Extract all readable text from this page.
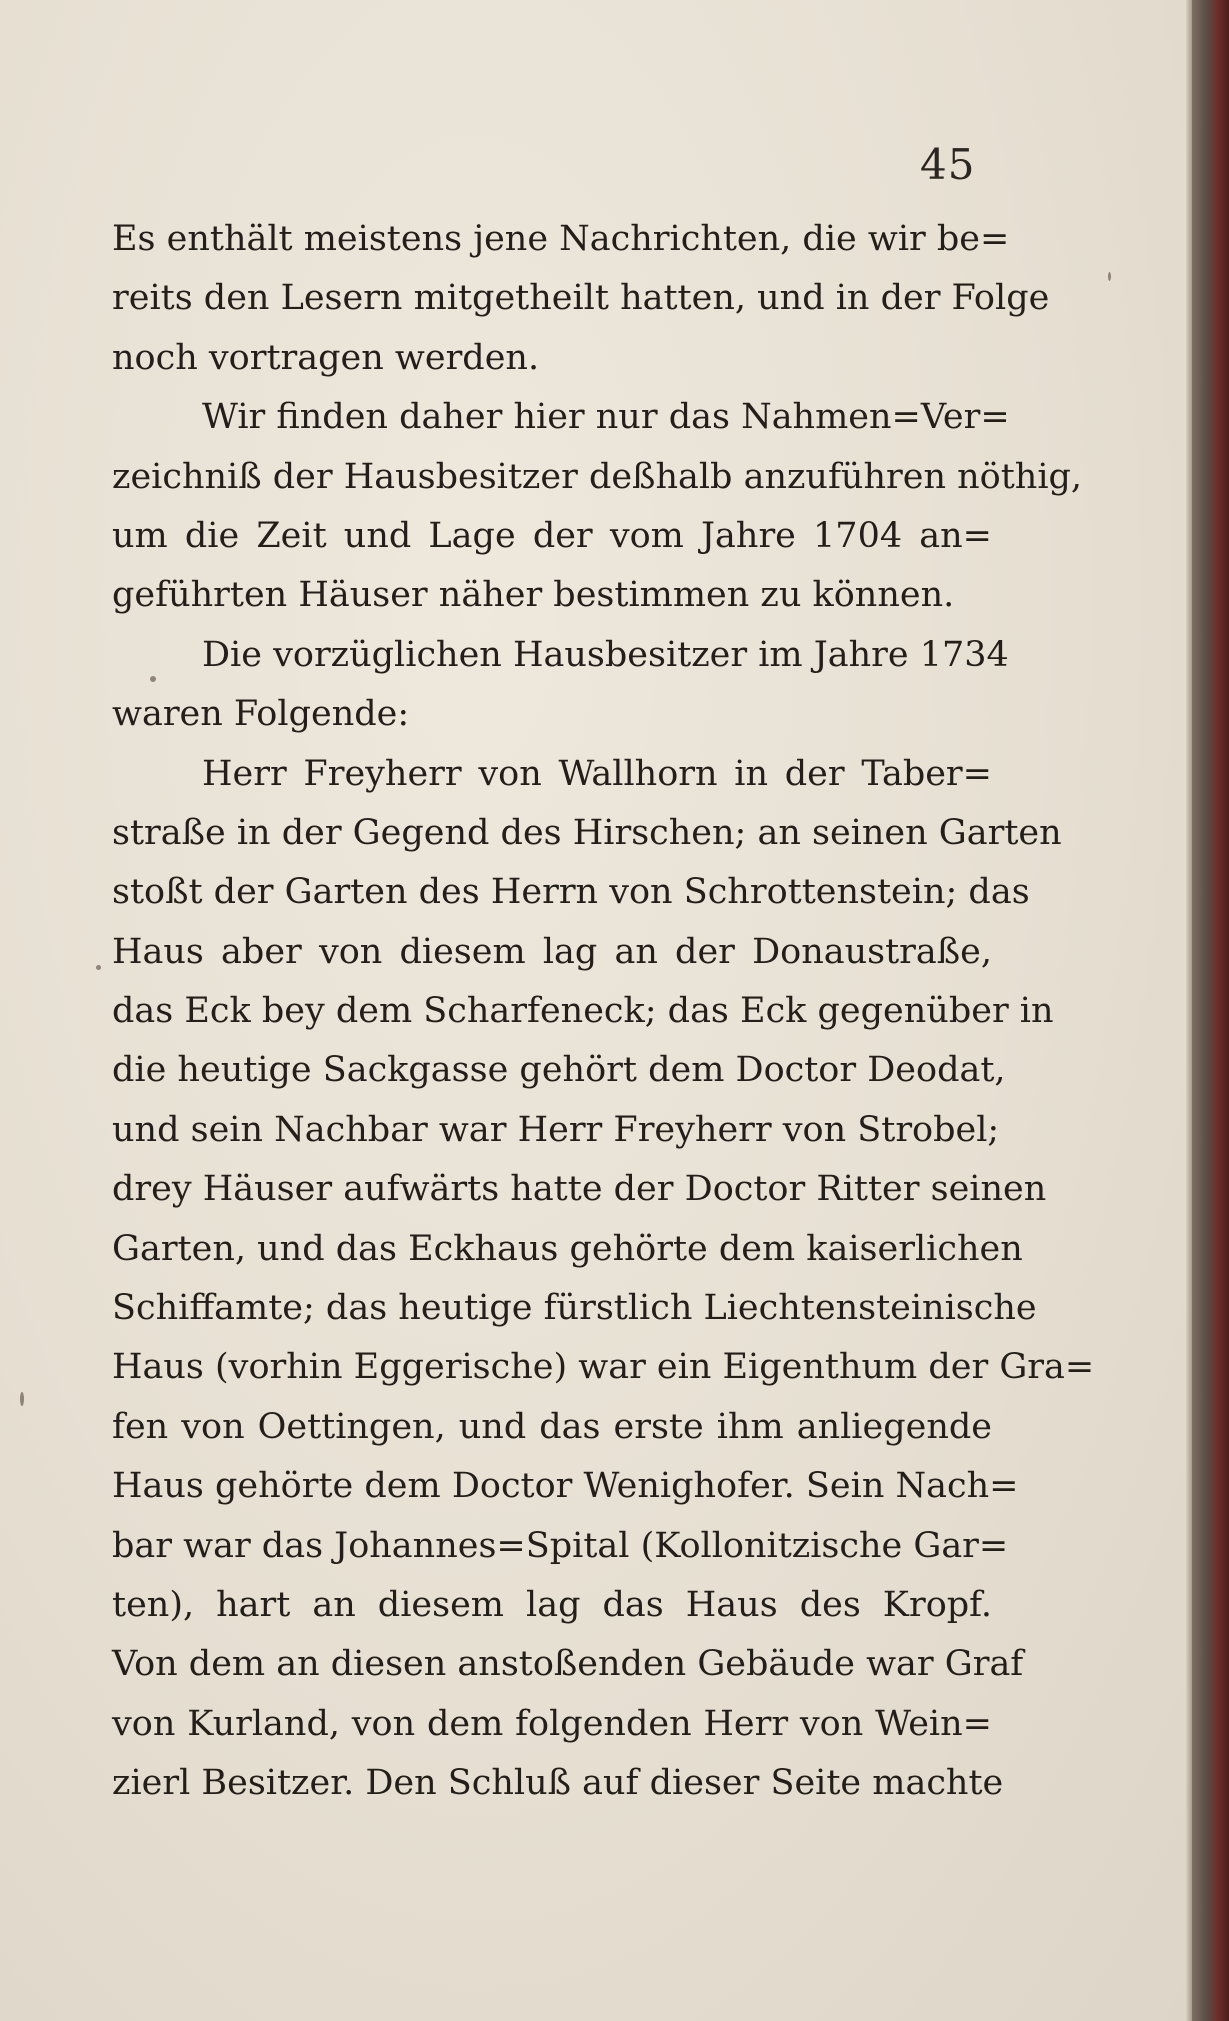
45
Es enthält meistens jene Nachrichten, die wir be=
reits den Lesern mitgetheilt hatten, und in der Folge
noch vortragen werden.
Wir finden daher hier nur das Nahmen=Ver=
zeichniß der Hausbesitzer deßhalb anzuführen nöthig,
um die Zeit und Lage der vom Jahre 1704 an=
geführten Häuser näher bestimmen zu können.
Die vorzüglichen Hausbesitzer im Jahre 1734
waren Folgende:
Herr Freyherr von Wallhorn in der Taber=
straße in der Gegend des Hirschen; an seinen Garten
stoßt der Garten des Herrn von Schrottenstein; das
Haus aber von diesem lag an der Donaustraße,
das Eck bey dem Scharfeneck; das Eck gegenüber in
die heutige Sackgasse gehört dem Doctor Deodat,
und sein Nachbar war Herr Freyherr von Strobel;
drey Häuser aufwärts hatte der Doctor Ritter seinen
Garten, und das Eckhaus gehörte dem kaiserlichen
Schiffamte; das heutige fürstlich Liechtensteinische
Haus (vorhin Eggerische) war ein Eigenthum der Gra=
fen von Oettingen, und das erste ihm anliegende
Haus gehörte dem Doctor Wenighofer. Sein Nach=
bar war das Johannes=Spital (Kollonitzische Gar=
ten), hart an diesem lag das Haus des Kropf.
Von dem an diesen anstoßenden Gebäude war Graf
von Kurland, von dem folgenden Herr von Wein=
zierl Besitzer. Den Schluß auf dieser Seite machte
